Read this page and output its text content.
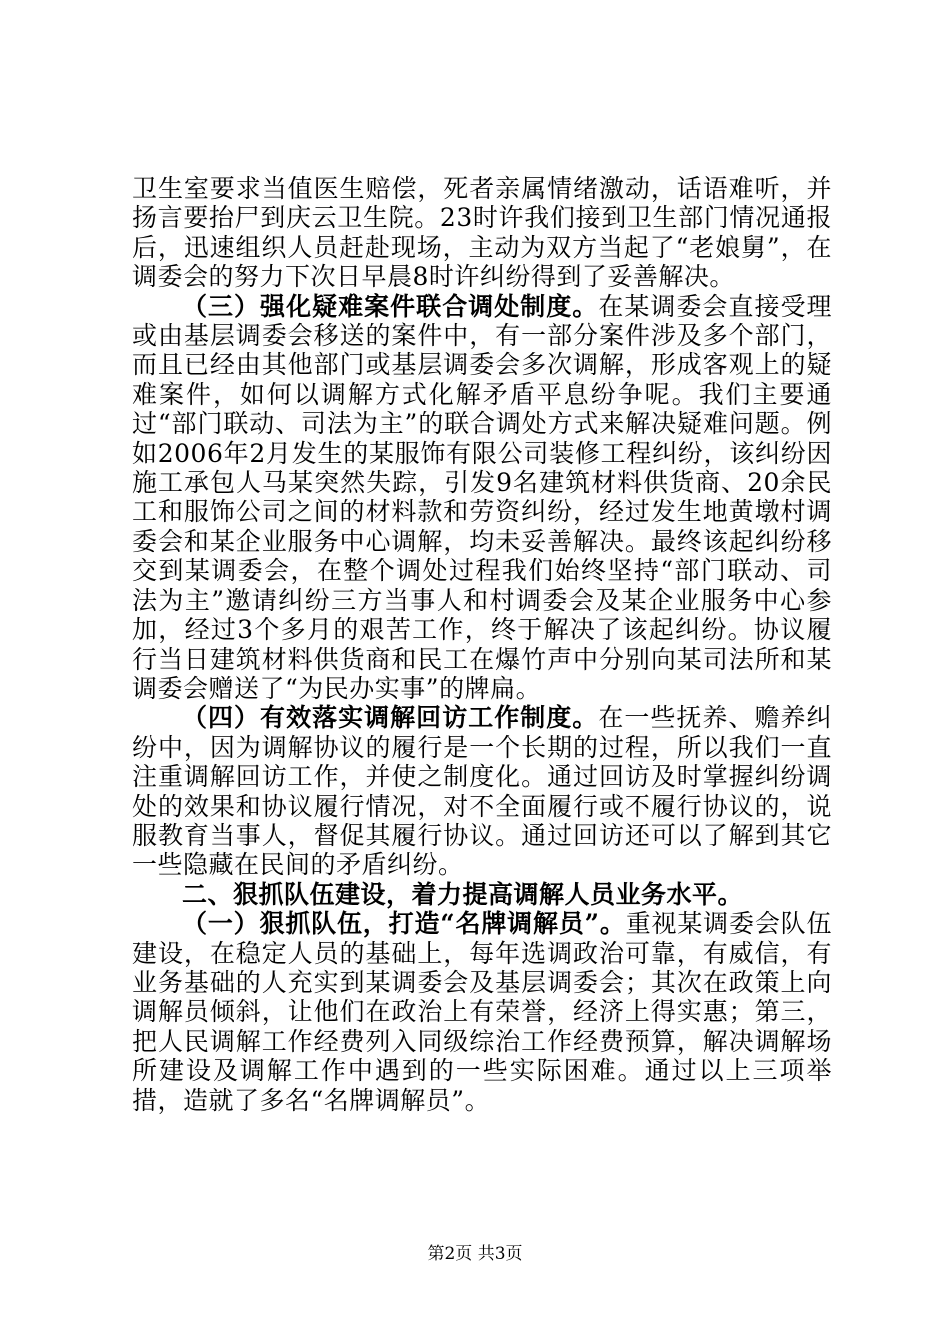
卫生室要求当值医生赔偿，死者亲属情绪激动，话语难听，并扬言要抬尸到庆云卫生院。23时许我们接到卫生部门情况通报后，迅速组织人员赶赴现场，主动为双方当起了“老娘舅”，在调委会的努力下次日早晨8时许纠纷得到了妥善解决。

（三）强化疑难案件联合调处制度。在某调委会直接受理或由基层调委会移送的案件中，有一部分案件涉及多个部门，而且已经由其他部门或基层调委会多次调解，形成客观上的疑难案件，如何以调解方式化解矛盾平息纷争呢。我们主要通过“部门联动、司法为主”的联合调处方式来解决疑难问题。例如2006年2月发生的某服饰有限公司装修工程纠纷，该纠纷因施工承包人马某突然失踪，引发9名建筑材料供货商、20余民工和服饰公司之间的材料款和劳资纠纷，经过发生地黄墩村调委会和某企业服务中心调解，均未妥善解决。最终该起纠纷移交到某调委会，在整个调处过程我们始终坚持“部门联动、司法为主”邀请纠纷三方当事人和村调委会及某企业服务中心参加，经过3个多月的艰苦工作，终于解决了该起纠纷。协议履行当日建筑材料供货商和民工在爆竹声中分别向某司法所和某调委会赠送了“为民办实事”的牌扁。

（四）有效落实调解回访工作制度。在一些抚养、赡养纠纷中，因为调解协议的履行是一个长期的过程，所以我们一直注重调解回访工作，并使之制度化。通过回访及时掌握纠纷调处的效果和协议履行情况，对不全面履行或不履行协议的，说服教育当事人，督促其履行协议。通过回访还可以了解到其它一些隐藏在民间的矛盾纠纷。

二、狠抓队伍建设，着力提高调解人员业务水平。

（一）狠抓队伍，打造“名牌调解员”。重视某调委会队伍建设，在稳定人员的基础上，每年选调政治可靠，有威信，有业务基础的人充实到某调委会及基层调委会；其次在政策上向调解员倾斜，让他们在政治上有荣誉，经济上得实惠；第三，把人民调解工作经费列入同级综治工作经费预算，解决调解场所建设及调解工作中遇到的一些实际困难。通过以上三项举措，造就了多名“名牌调解员”。

第2页 共3页
